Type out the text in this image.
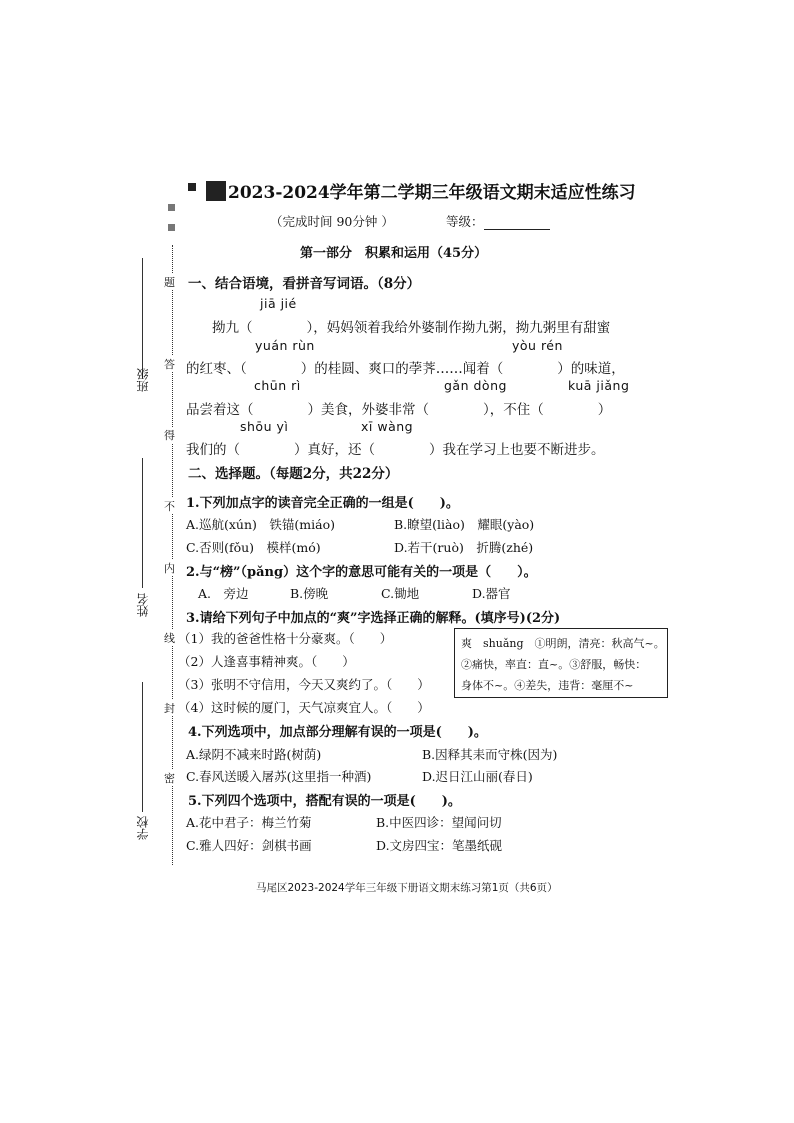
2023-2024学年第二学期三年级语文期末适应性练习
（完成时间 90分钟 ）	等级：
第一部分　积累和运用（45分）
题
答
得
不
内
线
封
密
班级
姓名
学校
一、结合语境，看拼音写词语。（8分）
jiā jié
拗九（　　　　），妈妈领着我给外婆制作拗九粥，拗九粥里有甜蜜
yuán rùn	yòu rén
的红枣、（　　　　）的桂圆、爽口的荸荠……闻着（　　　　）的味道，
chūn rì	gǎn dòng	kuā jiǎng
品尝着这（　　　　）美食，外婆非常（　　　　），不住（　　　　）
shōu yì	xī wàng
我们的（　　　　）真好，还（　　　　）我在学习上也要不断进步。
二、选择题。（每题2分，共22分）
1.下列加点字的读音完全正确的一组是(　　)。
A.巡航(xún)　铁锚(miáo)	B.瞭望(liào)　耀眼(yào)
C.否则(fǒu)　模样(mó)	D.若干(ruò)　折腾(zhé)
2.与“榜”（pǎng）这个字的意思可能有关的一项是（　　）。
A.　旁边	B.傍晚	C.锄地	D.器官
3.请给下列句子中加点的“爽”字选择正确的解释。(填序号)(2分)
（1）我的爸爸性格十分豪爽。（　　）
（2）人逢喜事精神爽。（　　）
（3）张明不守信用，今天又爽约了。（　　）
（4）这时候的厦门，天气凉爽宜人。（　　）
爽　shuǎng　①明朗，清亮：秋高气~。
②痛快，率直：直~。③舒服，畅快：
身体不~。④差失，违背：毫厘不~
4.下列选项中，加点部分理解有误的一项是(　　)。
A.绿阴不减来时路(树荫)	B.因释其耒而守株(因为)
C.春风送暖入屠苏(这里指一种酒)	D.迟日江山丽(春日)
5.下列四个选项中，搭配有误的一项是(　　)。
A.花中君子：梅兰竹菊	B.中医四诊：望闻问切
C.雅人四好：剑棋书画	D.文房四宝：笔墨纸砚
马尾区2023-2024学年三年级下册语文期末练习第1页（共6页）
